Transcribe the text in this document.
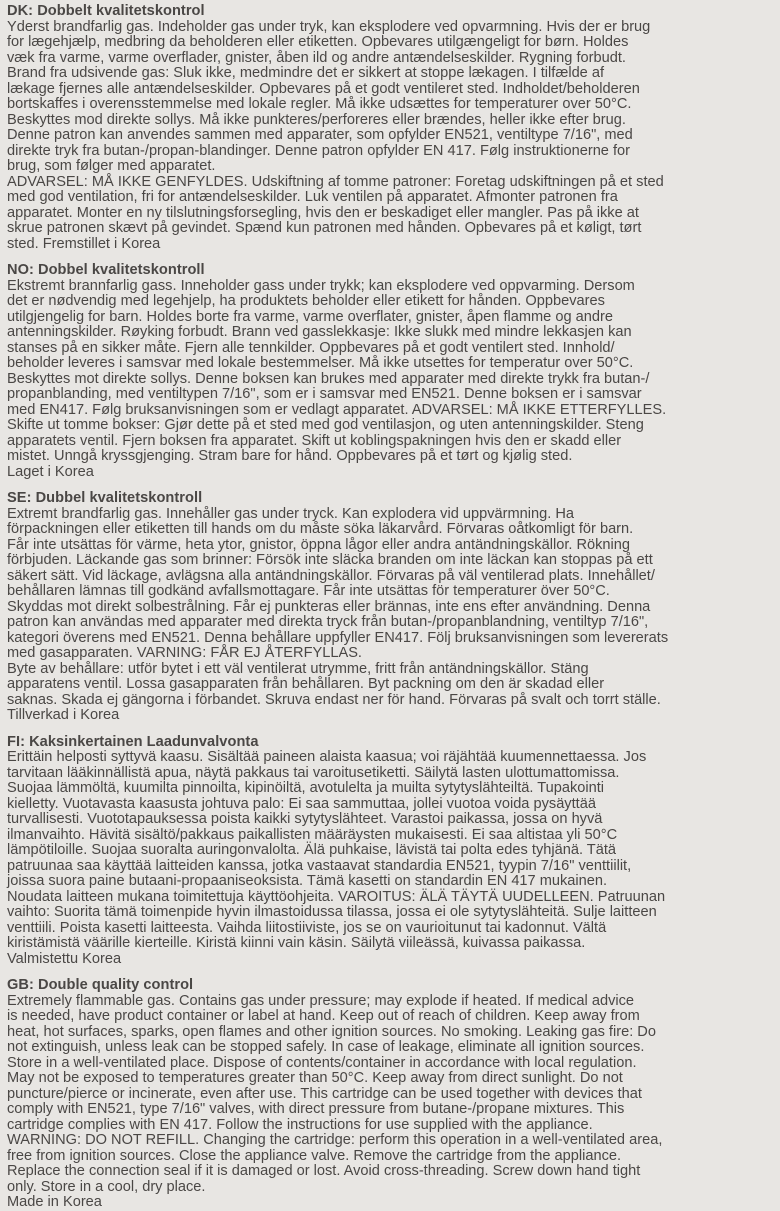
DK: Dobbelt kvalitetskontrol
Yderst brandfarlig gas. Indeholder gas under tryk, kan eksplodere ved opvarmning. Hvis der er brug
for lægehjælp, medbring da beholderen eller etiketten. Opbevares utilgængeligt for børn. Holdes
væk fra varme, varme overflader, gnister, åben ild og andre antændelseskilder. Rygning forbudt.
Brand fra udsivende gas: Sluk ikke, medmindre det er sikkert at stoppe lækagen. I tilfælde af
lækage fjernes alle antændelseskilder. Opbevares på et godt ventileret sted. Indholdet/beholderen
bortskaffes i overensstemmelse med lokale regler. Må ikke udsættes for temperaturer over 50°C.
Beskyttes mod direkte sollys. Må ikke punkteres/perforeres eller brændes, heller ikke efter brug.
Denne patron kan anvendes sammen med apparater, som opfylder EN521, ventiltype 7/16", med
direkte tryk fra butan-/propan-blandinger. Denne patron opfylder EN 417. Følg instruktionerne for
brug, som følger med apparatet.
ADVARSEL: MÅ IKKE GENFYLDES. Udskiftning af tomme patroner: Foretag udskiftningen på et sted
med god ventilation, fri for antændelseskilder. Luk ventilen på apparatet. Afmonter patronen fra
apparatet. Monter en ny tilslutningsforsegling, hvis den er beskadiget eller mangler. Pas på ikke at
skrue patronen skævt på gevindet. Spænd kun patronen med hånden. Opbevares på et køligt, tørt
sted. Fremstillet i Korea
NO: Dobbel kvalitetskontroll
Ekstremt brannfarlig gass. Inneholder gass under trykk; kan eksplodere ved oppvarming. Dersom
det er nødvendig med legehjelp, ha produktets beholder eller etikett for hånden. Oppbevares
utilgjengelig for barn. Holdes borte fra varme, varme overflater, gnister, åpen flamme og andre
antenningskilder. Røyking forbudt. Brann ved gasslekkasje: Ikke slukk med mindre lekkasjen kan
stanses på en sikker måte. Fjern alle tennkilder. Oppbevares på et godt ventilert sted. Innhold/
beholder leveres i samsvar med lokale bestemmelser. Må ikke utsettes for temperatur over 50°C.
Beskyttes mot direkte sollys. Denne boksen kan brukes med apparater med direkte trykk fra butan-/
propanblanding, med ventiltypen 7/16", som er i samsvar med EN521. Denne boksen er i samsvar
med EN417. Følg bruksanvisningen som er vedlagt apparatet. ADVARSEL: MÅ IKKE ETTERFYLLES.
Skifte ut tomme bokser: Gjør dette på et sted med god ventilasjon, og uten antenningskilder. Steng
apparatets ventil. Fjern boksen fra apparatet. Skift ut koblingspakningen hvis den er skadd eller
mistet. Unngå kryssgjenging. Stram bare for hånd. Oppbevares på et tørt og kjølig sted.
Laget i Korea
SE: Dubbel kvalitetskontroll
Extremt brandfarlig gas. Innehåller gas under tryck. Kan explodera vid uppvärmning. Ha
förpackningen eller etiketten till hands om du måste söka läkarvård. Förvaras oåtkomligt för barn.
Får inte utsättas för värme, heta ytor, gnistor, öppna lågor eller andra antändningskällor. Rökning
förbjuden. Läckande gas som brinner: Försök inte släcka branden om inte läckan kan stoppas på ett
säkert sätt. Vid läckage, avlägsna alla antändningskällor. Förvaras på väl ventilerad plats. Innehållet/
behållaren lämnas till godkänd avfallsmottagare. Får inte utsättas för temperaturer över 50°C.
Skyddas mot direkt solbestrålning. Får ej punkteras eller brännas, inte ens efter användning. Denna
patron kan användas med apparater med direkta tryck från butan-/propanblandning, ventiltyp 7/16",
kategori överens med EN521. Denna behållare uppfyller EN417. Följ bruksanvisningen som levererats
med gasapparaten. VARNING: FÅR EJ ÅTERFYLLAS.
Byte av behållare: utför bytet i ett väl ventilerat utrymme, fritt från antändningskällor. Stäng
apparatens ventil. Lossa gasapparaten från behållaren. Byt packning om den är skadad eller
saknas. Skada ej gängorna i förbandet. Skruva endast ner för hand. Förvaras på svalt och torrt ställe.
Tillverkad i Korea
FI: Kaksinkertainen Laadunvalvonta
Erittäin helposti syttyvä kaasu. Sisältää paineen alaista kaasua; voi räjähtää kuumennettaessa. Jos
tarvitaan lääkinnällistä apua, näytä pakkaus tai varoitusetiketti. Säilytä lasten ulottumattomissa.
Suojaa lämmöltä, kuumilta pinnoilta, kipinöiltä, avotulelta ja muilta sytytyslähteiltä. Tupakointi
kielletty. Vuotavasta kaasusta johtuva palo: Ei saa sammuttaa, jollei vuotoa voida pysäyttää
turvallisesti. Vuototapauksessa poista kaikki sytytyslähteet. Varastoi paikassa, jossa on hyvä
ilmanvaihto. Hävitä sisältö/pakkaus paikallisten määräysten mukaisesti. Ei saa altistaa yli 50°C
lämpötiloille. Suojaa suoralta auringonvalolta. Älä puhkaise, lävistä tai polta edes tyhjänä. Tätä
patruunaa saa käyttää laitteiden kanssa, jotka vastaavat standardia EN521, tyypin 7/16" venttiilit,
joissa suora paine butaani-propaaniseoksista. Tämä kasetti on standardin EN 417 mukainen.
Noudata laitteen mukana toimitettuja käyttöohjeita. VAROITUS: ÄLÄ TÄYTÄ UUDELLEEN. Patruunan
vaihto: Suorita tämä toimenpide hyvin ilmastoidussa tilassa, jossa ei ole sytytyslähteitä. Sulje laitteen
venttiili. Poista kasetti laitteesta. Vaihda liitostiiviste, jos se on vaurioitunut tai kadonnut. Vältä
kiristämistä väärille kierteille. Kiristä kiinni vain käsin. Säilytä viileässä, kuivassa paikassa.
Valmistettu Korea
GB: Double quality control
Extremely flammable gas. Contains gas under pressure; may explode if heated. If medical advice
is needed, have product container or label at hand. Keep out of reach of children. Keep away from
heat, hot surfaces, sparks, open flames and other ignition sources. No smoking. Leaking gas fire: Do
not extinguish, unless leak can be stopped safely. In case of leakage, eliminate all ignition sources.
Store in a well-ventilated place. Dispose of contents/container in accordance with local regulation.
May not be exposed to temperatures greater than 50°C. Keep away from direct sunlight. Do not
puncture/pierce or incinerate, even after use. This cartridge can be used together with devices that
comply with EN521, type 7/16" valves, with direct pressure from butane-/propane mixtures. This
cartridge complies with EN 417. Follow the instructions for use supplied with the appliance.
WARNING: DO NOT REFILL. Changing the cartridge: perform this operation in a well-ventilated area,
free from ignition sources. Close the appliance valve. Remove the cartridge from the appliance.
Replace the connection seal if it is damaged or lost. Avoid cross-threading. Screw down hand tight
only. Store in a cool, dry place.
Made in Korea
